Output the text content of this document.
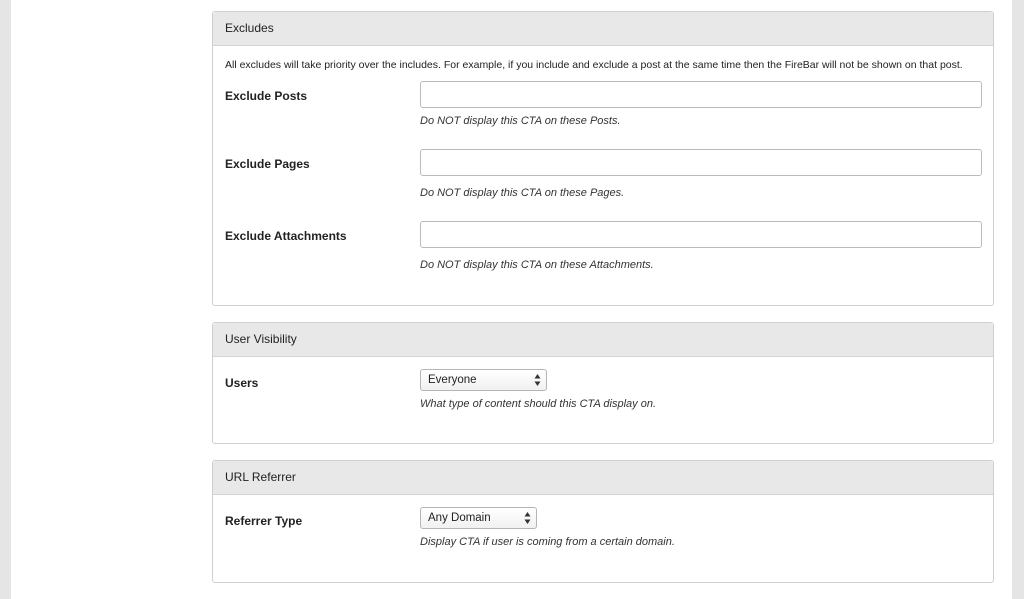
Excludes
All excludes will take priority over the includes. For example, if you include and exclude a post at the same time then the FireBar will not be shown on that post.
Exclude Posts
Do NOT display this CTA on these Posts.
Exclude Pages
Do NOT display this CTA on these Pages.
Exclude Attachments
Do NOT display this CTA on these Attachments.
User Visibility
Users	Everyone
What type of content should this CTA display on.
URL Referrer
Referrer Type	Any Domain
Display CTA if user is coming from a certain domain.
